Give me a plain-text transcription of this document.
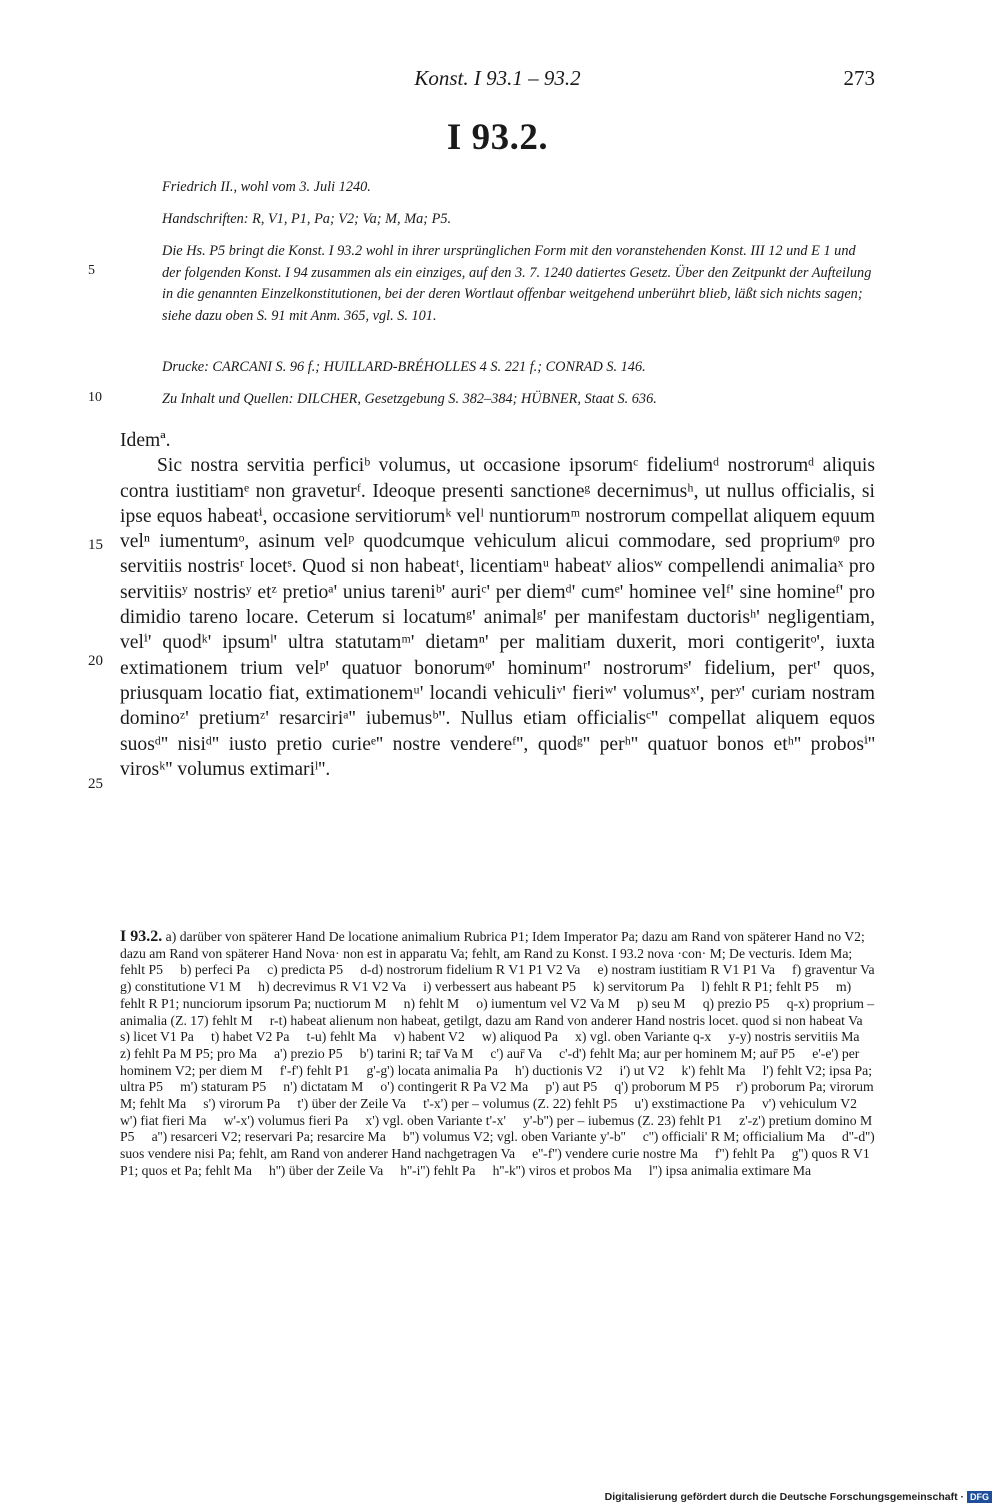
Konst. I 93.1 – 93.2	273
I 93.2.

Friedrich II., wohl vom 3. Juli 1240.

Handschriften: R, V1, P1, Pa; V2; Va; M, Ma; P5.

Die Hs. P5 bringt die Konst. I 93.2 wohl in ihrer ursprünglichen Form mit den voranstehenden Konst. III 12 und E 1 und der folgenden Konst. I 94 zusammen als ein einziges, auf den 3. 7. 1240 datiertes Gesetz. Über den Zeitpunkt der Aufteilung in die genannten Einzelkonstitutionen, bei der deren Wortlaut offenbar weitgehend unberührt blieb, läßt sich nichts sagen; siehe dazu oben S. 91 mit Anm. 365, vgl. S. 101.

Drucke: CARCANI S. 96 f.; HUILLARD-BRÉHOLLES 4 S. 221 f.; CONRAD S. 146.

Zu Inhalt und Quellen: DILCHER, Gesetzgebung S. 382–384; HÜBNER, Staat S. 636.

5
10
15
20
25

Idemª.

Sic nostra servitia perficiᵇ volumus, ut occasione ipsorumᶜ fideliumᵈ nostrorumᵈ aliquis contra iustitiamᵉ non graveturᶠ. Ideoque presenti sanctioneᵍ decernimusʰ, ut nullus officialis, si ipse equos habeatⁱ, occasione servitiorumᵏ velˡ nuntiorumᵐ nostrorum compellat aliquem equum velⁿ iumentumᵒ, asinum velᵖ quodcumque vehiculum alicui commodare, sed propriumᵠ pro servitiis nostrisʳ locetˢ. Quod si non habeatᵗ, licentiamᵘ habeatᵛ aliosʷ compellendi animaliaˣ pro servitiisʸ nostrisʸ etᶻ pretioᵃ' unius tareniᵇ' auriᶜ' per diemᵈ' cumᵉ' hominee velᶠ' sine homineᶠ' pro dimidio tareno locare. Ceterum si locatumᵍ' animalᵍ' per manifestam ductorisʰ' negligentiam, velⁱ' quodᵏ' ipsumˡ' ultra statutamᵐ' dietamⁿ' per malitiam duxerit, mori contigeritᵒ', iuxta extimationem trium velᵖ' quatuor bonorumᵠ' hominumʳ' nostrorumˢ' fidelium, perᵗ' quos, priusquam locatio fiat, extimationemᵘ' locandi vehiculiᵛ' fieriʷ' volumusˣ', perʸ' curiam nostram dominoᶻ' pretiumᶻ' resarciriᵃ'' iubemusᵇ''. Nullus etiam officialisᶜ'' compellat aliquem equos suosᵈ'' nisiᵈ'' iusto pretio curieᵉ'' nostre vendereᶠ'', quodᵍ'' perʰ'' quatuor bonos etʰ'' probosⁱ'' virosᵏ'' volumus extimariˡ''.

I 93.2. a) darüber von späterer Hand De locatione animalium Rubrica P1; Idem Imperator Pa; dazu am Rand von späterer Hand no V2; dazu am Rand von späterer Hand Nova· non est in apparatu Va; fehlt, am Rand zu Konst. I 93.2 nova ·con· M; De vecturis. Idem Ma; fehlt P5     b) perfeci Pa     c) predicta P5     d-d) nostrorum fidelium R V1 P1 V2 Va     e) nostram iustitiam R V1 P1 Va     f) graventur Va     g) constitutione V1 M     h) decrevimus R V1 V2 Va     i) verbessert aus habeant P5     k) servitorum Pa     l) fehlt R P1; fehlt P5     m) fehlt R P1; nunciorum ipsorum Pa; nuctiorum M     n) fehlt M     o) iumentum vel V2 Va M     p) seu M     q) prezio P5     q-x) proprium – animalia (Z. 17) fehlt M     r-t) habeat alienum non habeat, getilgt, dazu am Rand von anderer Hand nostris locet. quod si non habeat Va     s) licet V1 Pa     t) habet V2 Pa     t-u) fehlt Ma     v) habent V2     w) aliquod Pa     x) vgl. oben Variante q-x     y-y) nostris servitiis Ma     z) fehlt Pa M P5; pro Ma     a') prezio P5     b') tarini R; tar̄ Va M     c') aur̄ Va     c'-d') fehlt Ma; aur per hominem M; aur̄ P5     e'-e') per hominem V2; per diem M     f'-f') fehlt P1     g'-g') locata animalia Pa     h') ductionis V2     i') ut V2     k') fehlt Ma     l') fehlt V2; ipsa Pa; ultra P5     m') staturam P5     n') dictatam M     o') contingerit R Pa V2 Ma     p') aut P5     q') proborum M P5     r') proborum Pa; virorum M; fehlt Ma     s') virorum Pa     t') über der Zeile Va     t'-x') per – volumus (Z. 22) fehlt P5     u') exstimactione Pa     v') vehiculum V2     w') fiat fieri Ma     w'-x') volumus fieri Pa     x') vgl. oben Variante t'-x'     y'-b'') per – iubemus (Z. 23) fehlt P1     z'-z') pretium domino M P5     a'') resarceri V2; reservari Pa; resarcire Ma     b'') volumus V2; vgl. oben Variante y'-b''     c'') officiali' R M; officialium Ma     d''-d'') suos vendere nisi Pa; fehlt, am Rand von anderer Hand nachgetragen Va     e''-f'') vendere curie nostre Ma     f'') fehlt Pa     g'') quos R V1 P1; quos et Pa; fehlt Ma     h'') über der Zeile Va     h''-i'') fehlt Pa     h''-k'') viros et probos Ma     l'') ipsa animalia extimare Ma
Digitalisierung gefördert durch die Deutsche Forschungsgemeinschaft · DFG
